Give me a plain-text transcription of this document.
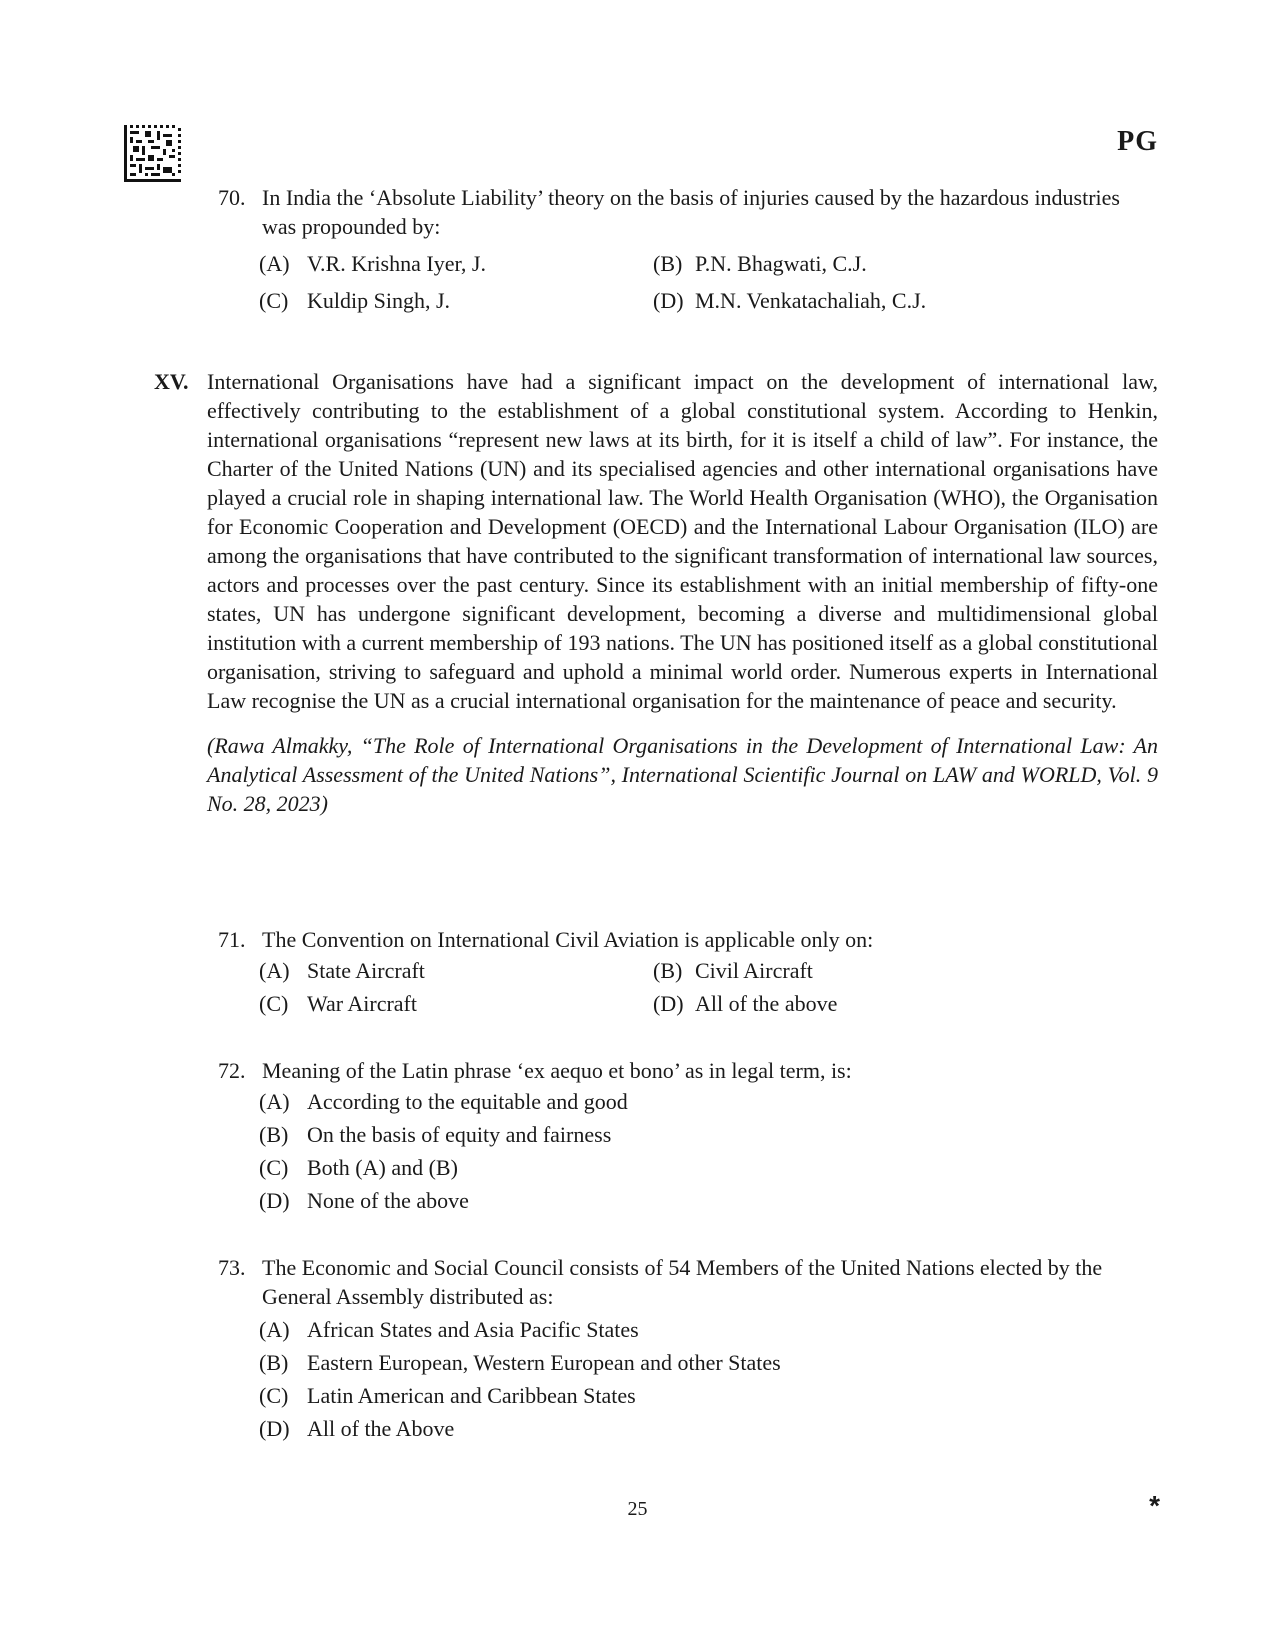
PG
70. In India the ‘Absolute Liability’ theory on the basis of injuries caused by the hazardous industries was propounded by:
(A) V.R. Krishna Iyer, J.	(B) P.N. Bhagwati, C.J.
(C) Kuldip Singh, J.	(D) M.N. Venkatachaliah, C.J.
XV. International Organisations have had a significant impact on the development of international law, effectively contributing to the establishment of a global constitutional system. According to Henkin, international organisations “represent new laws at its birth, for it is itself a child of law”. For instance, the Charter of the United Nations (UN) and its specialised agencies and other international organisations have played a crucial role in shaping international law. The World Health Organisation (WHO), the Organisation for Economic Cooperation and Development (OECD) and the International Labour Organisation (ILO) are among the organisations that have contributed to the significant transformation of international law sources, actors and processes over the past century. Since its establishment with an initial membership of fifty-one states, UN has undergone significant development, becoming a diverse and multidimensional global institution with a current membership of 193 nations. The UN has positioned itself as a global constitutional organisation, striving to safeguard and uphold a minimal world order. Numerous experts in International Law recognise the UN as a crucial international organisation for the maintenance of peace and security.
(Rawa Almakky, “The Role of International Organisations in the Development of International Law: An Analytical Assessment of the United Nations”, International Scientific Journal on LAW and WORLD, Vol. 9 No. 28, 2023)
71. The Convention on International Civil Aviation is applicable only on:
(A) State Aircraft	(B) Civil Aircraft
(C) War Aircraft	(D) All of the above
72. Meaning of the Latin phrase ‘ex aequo et bono’ as in legal term, is:
(A) According to the equitable and good
(B) On the basis of equity and fairness
(C) Both (A) and (B)
(D) None of the above
73. The Economic and Social Council consists of 54 Members of the United Nations elected by the General Assembly distributed as:
(A) African States and Asia Pacific States
(B) Eastern European, Western European and other States
(C) Latin American and Caribbean States
(D) All of the Above
25	*
